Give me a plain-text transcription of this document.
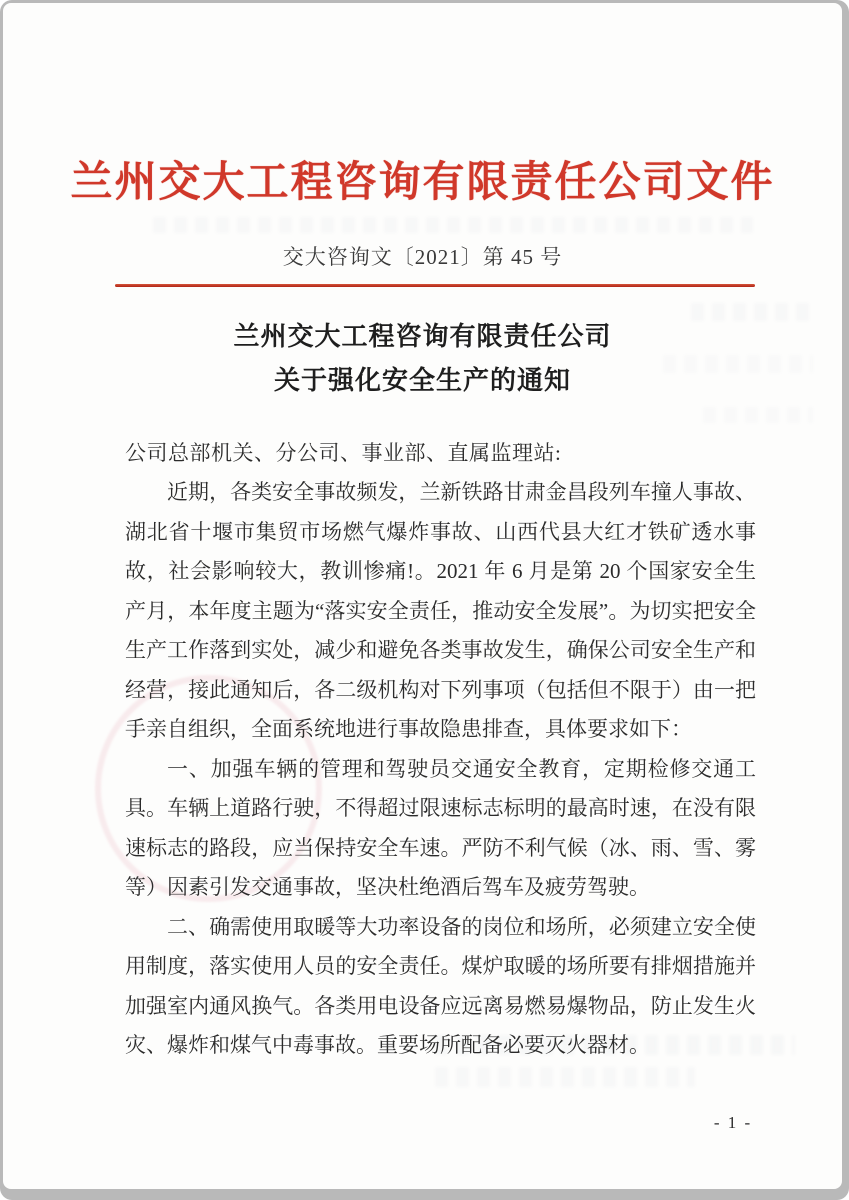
兰州交大工程咨询有限责任公司文件
交大咨询文〔2021〕第 45 号
兰州交大工程咨询有限责任公司
关于强化安全生产的通知
公司总部机关、分公司、事业部、直属监理站:

近期，各类安全事故频发，兰新铁路甘肃金昌段列车撞人事故、湖北省十堰市集贸市场燃气爆炸事故、山西代县大红才铁矿透水事故，社会影响较大，教训惨痛!。2021 年 6 月是第 20 个国家安全生产月，本年度主题为“落实安全责任，推动安全发展”。为切实把安全生产工作落到实处，减少和避免各类事故发生，确保公司安全生产和经营，接此通知后，各二级机构对下列事项（包括但不限于）由一把手亲自组织，全面系统地进行事故隐患排查，具体要求如下：

一、加强车辆的管理和驾驶员交通安全教育，定期检修交通工具。车辆上道路行驶，不得超过限速标志标明的最高时速，在没有限速标志的路段，应当保持安全车速。严防不利气候（冰、雨、雪、雾等）因素引发交通事故，坚决杜绝酒后驾车及疲劳驾驶。

二、确需使用取暖等大功率设备的岗位和场所，必须建立安全使用制度，落实使用人员的安全责任。煤炉取暖的场所要有排烟措施并加强室内通风换气。各类用电设备应远离易燃易爆物品，防止发生火灾、爆炸和煤气中毒事故。重要场所配备必要灭火器材。

- 1 -
